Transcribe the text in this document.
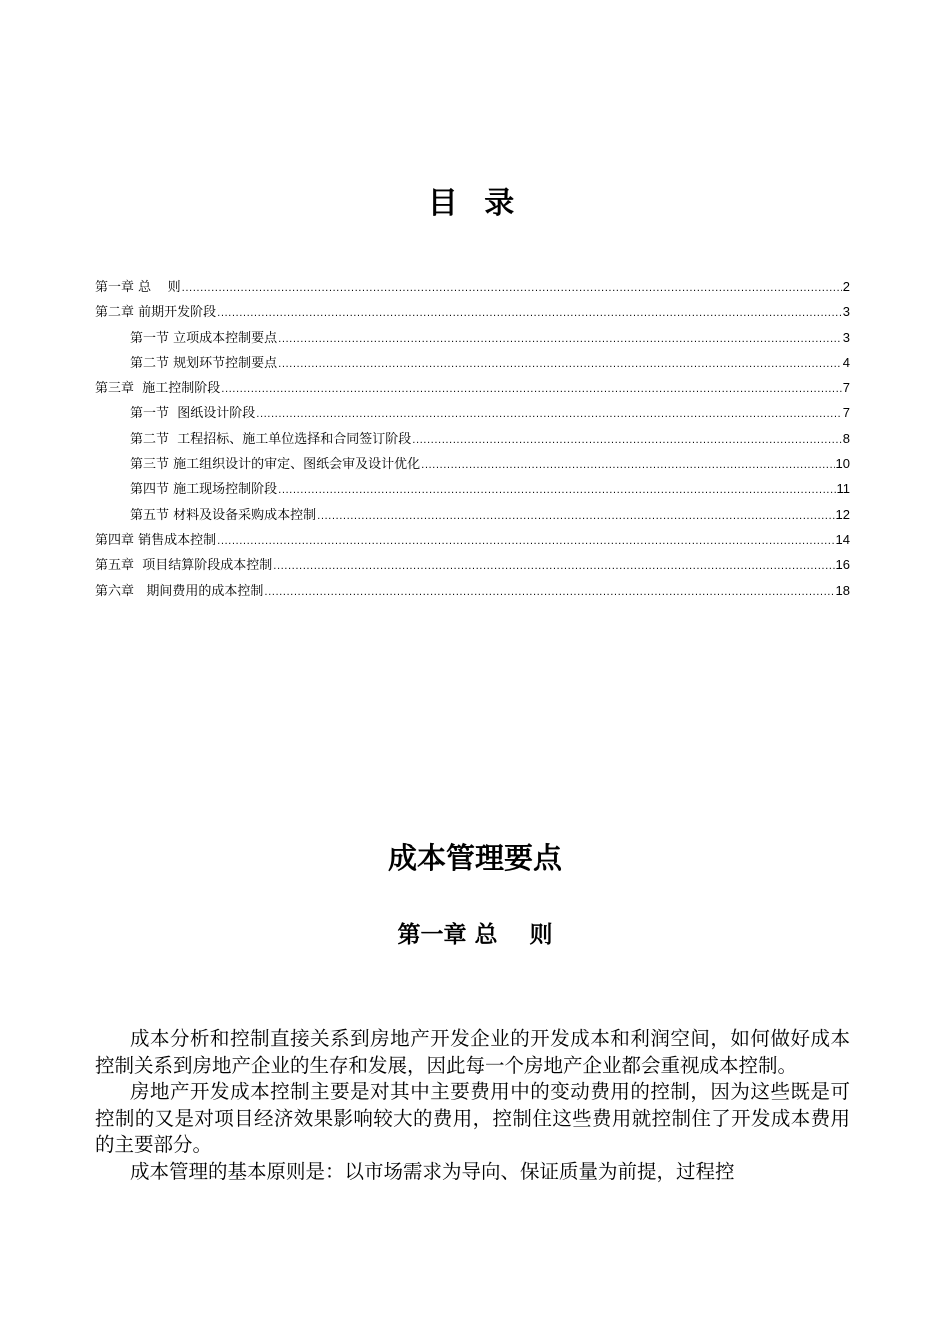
目 录
第一章 总    则 .....	2
第二章 前期开发阶段 .....	3
第一节 立项成本控制要点 .....	3
第二节 规划环节控制要点 .....	4
第三章  施工控制阶段 .....	7
第一节  图纸设计阶段 .....	7
第二节  工程招标、施工单位选择和合同签订阶段 .....	8
第三节 施工组织设计的审定、图纸会审及设计优化 .....	10
第四节 施工现场控制阶段 .....	11
第五节 材料及设备采购成本控制 .....	12
第四章 销售成本控制 .....	14
第五章  项目结算阶段成本控制 .....	16
第六章   期间费用的成本控制 .....	18
成本管理要点
第一章 总    则

成本分析和控制直接关系到房地产开发企业的开发成本和利润空间，如何做好成本控制关系到房地产企业的生存和发展，因此每一个房地产企业都会重视成本控制。

房地产开发成本控制主要是对其中主要费用中的变动费用的控制，因为这些既是可控制的又是对项目经济效果影响较大的费用，控制住这些费用就控制住了开发成本费用的主要部分。

成本管理的基本原则是：以市场需求为导向、保证质量为前提，过程控
